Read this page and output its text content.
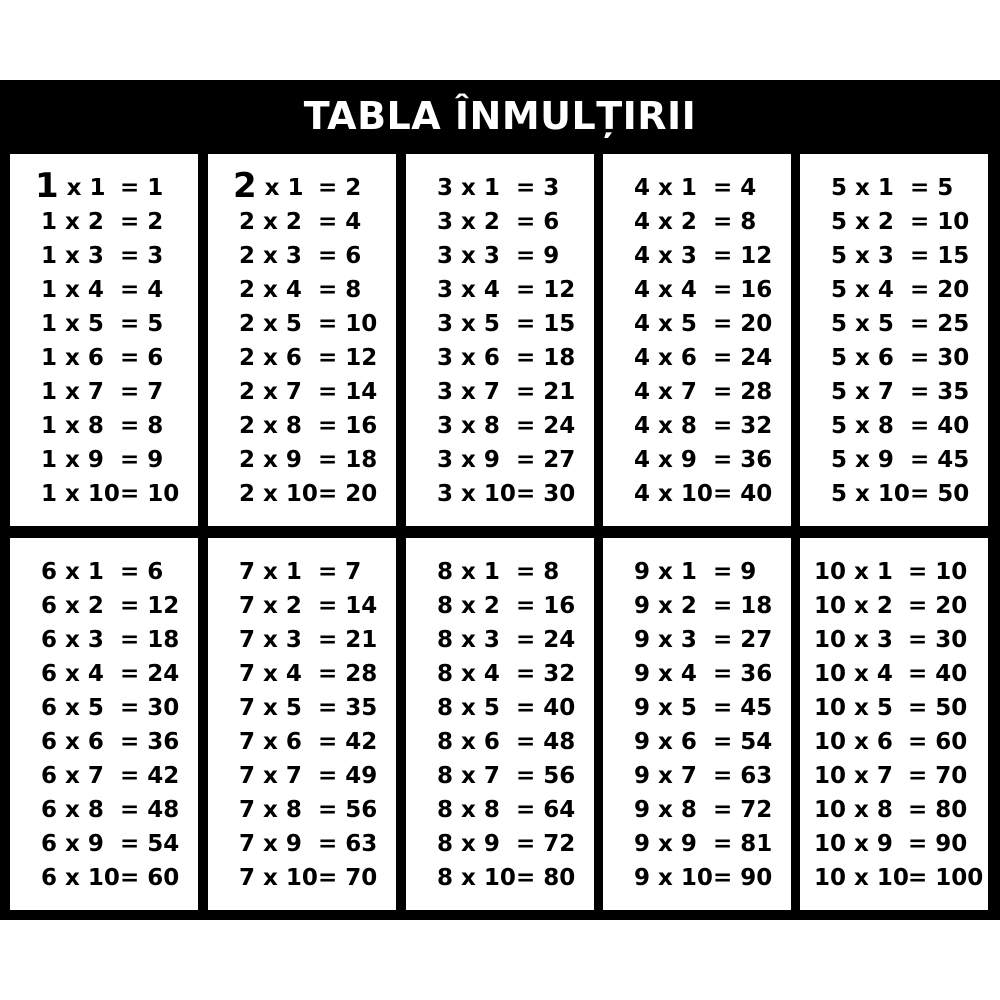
TABLA ÎNMULȚIRII
1 x 1 = 1
1 x 2 = 2
1 x 3 = 3
1 x 4 = 4
1 x 5 = 5
1 x 6 = 6
1 x 7 = 7
1 x 8 = 8
1 x 9 = 9
1 x 10 = 10
2 x 1 = 2
2 x 2 = 4
2 x 3 = 6
2 x 4 = 8
2 x 5 = 10
2 x 6 = 12
2 x 7 = 14
2 x 8 = 16
2 x 9 = 18
2 x 10 = 20
3 x 1 = 3
3 x 2 = 6
3 x 3 = 9
3 x 4 = 12
3 x 5 = 15
3 x 6 = 18
3 x 7 = 21
3 x 8 = 24
3 x 9 = 27
3 x 10 = 30
4 x 1 = 4
4 x 2 = 8
4 x 3 = 12
4 x 4 = 16
4 x 5 = 20
4 x 6 = 24
4 x 7 = 28
4 x 8 = 32
4 x 9 = 36
4 x 10 = 40
5 x 1 = 5
5 x 2 = 10
5 x 3 = 15
5 x 4 = 20
5 x 5 = 25
5 x 6 = 30
5 x 7 = 35
5 x 8 = 40
5 x 9 = 45
5 x 10 = 50
6 x 1 = 6
6 x 2 = 12
6 x 3 = 18
6 x 4 = 24
6 x 5 = 30
6 x 6 = 36
6 x 7 = 42
6 x 8 = 48
6 x 9 = 54
6 x 10 = 60
7 x 1 = 7
7 x 2 = 14
7 x 3 = 21
7 x 4 = 28
7 x 5 = 35
7 x 6 = 42
7 x 7 = 49
7 x 8 = 56
7 x 9 = 63
7 x 10 = 70
8 x 1 = 8
8 x 2 = 16
8 x 3 = 24
8 x 4 = 32
8 x 5 = 40
8 x 6 = 48
8 x 7 = 56
8 x 8 = 64
8 x 9 = 72
8 x 10 = 80
9 x 1 = 9
9 x 2 = 18
9 x 3 = 27
9 x 4 = 36
9 x 5 = 45
9 x 6 = 54
9 x 7 = 63
9 x 8 = 72
9 x 9 = 81
9 x 10 = 90
10 x 1 = 10
10 x 2 = 20
10 x 3 = 30
10 x 4 = 40
10 x 5 = 50
10 x 6 = 60
10 x 7 = 70
10 x 8 = 80
10 x 9 = 90
10 x 10 = 100
